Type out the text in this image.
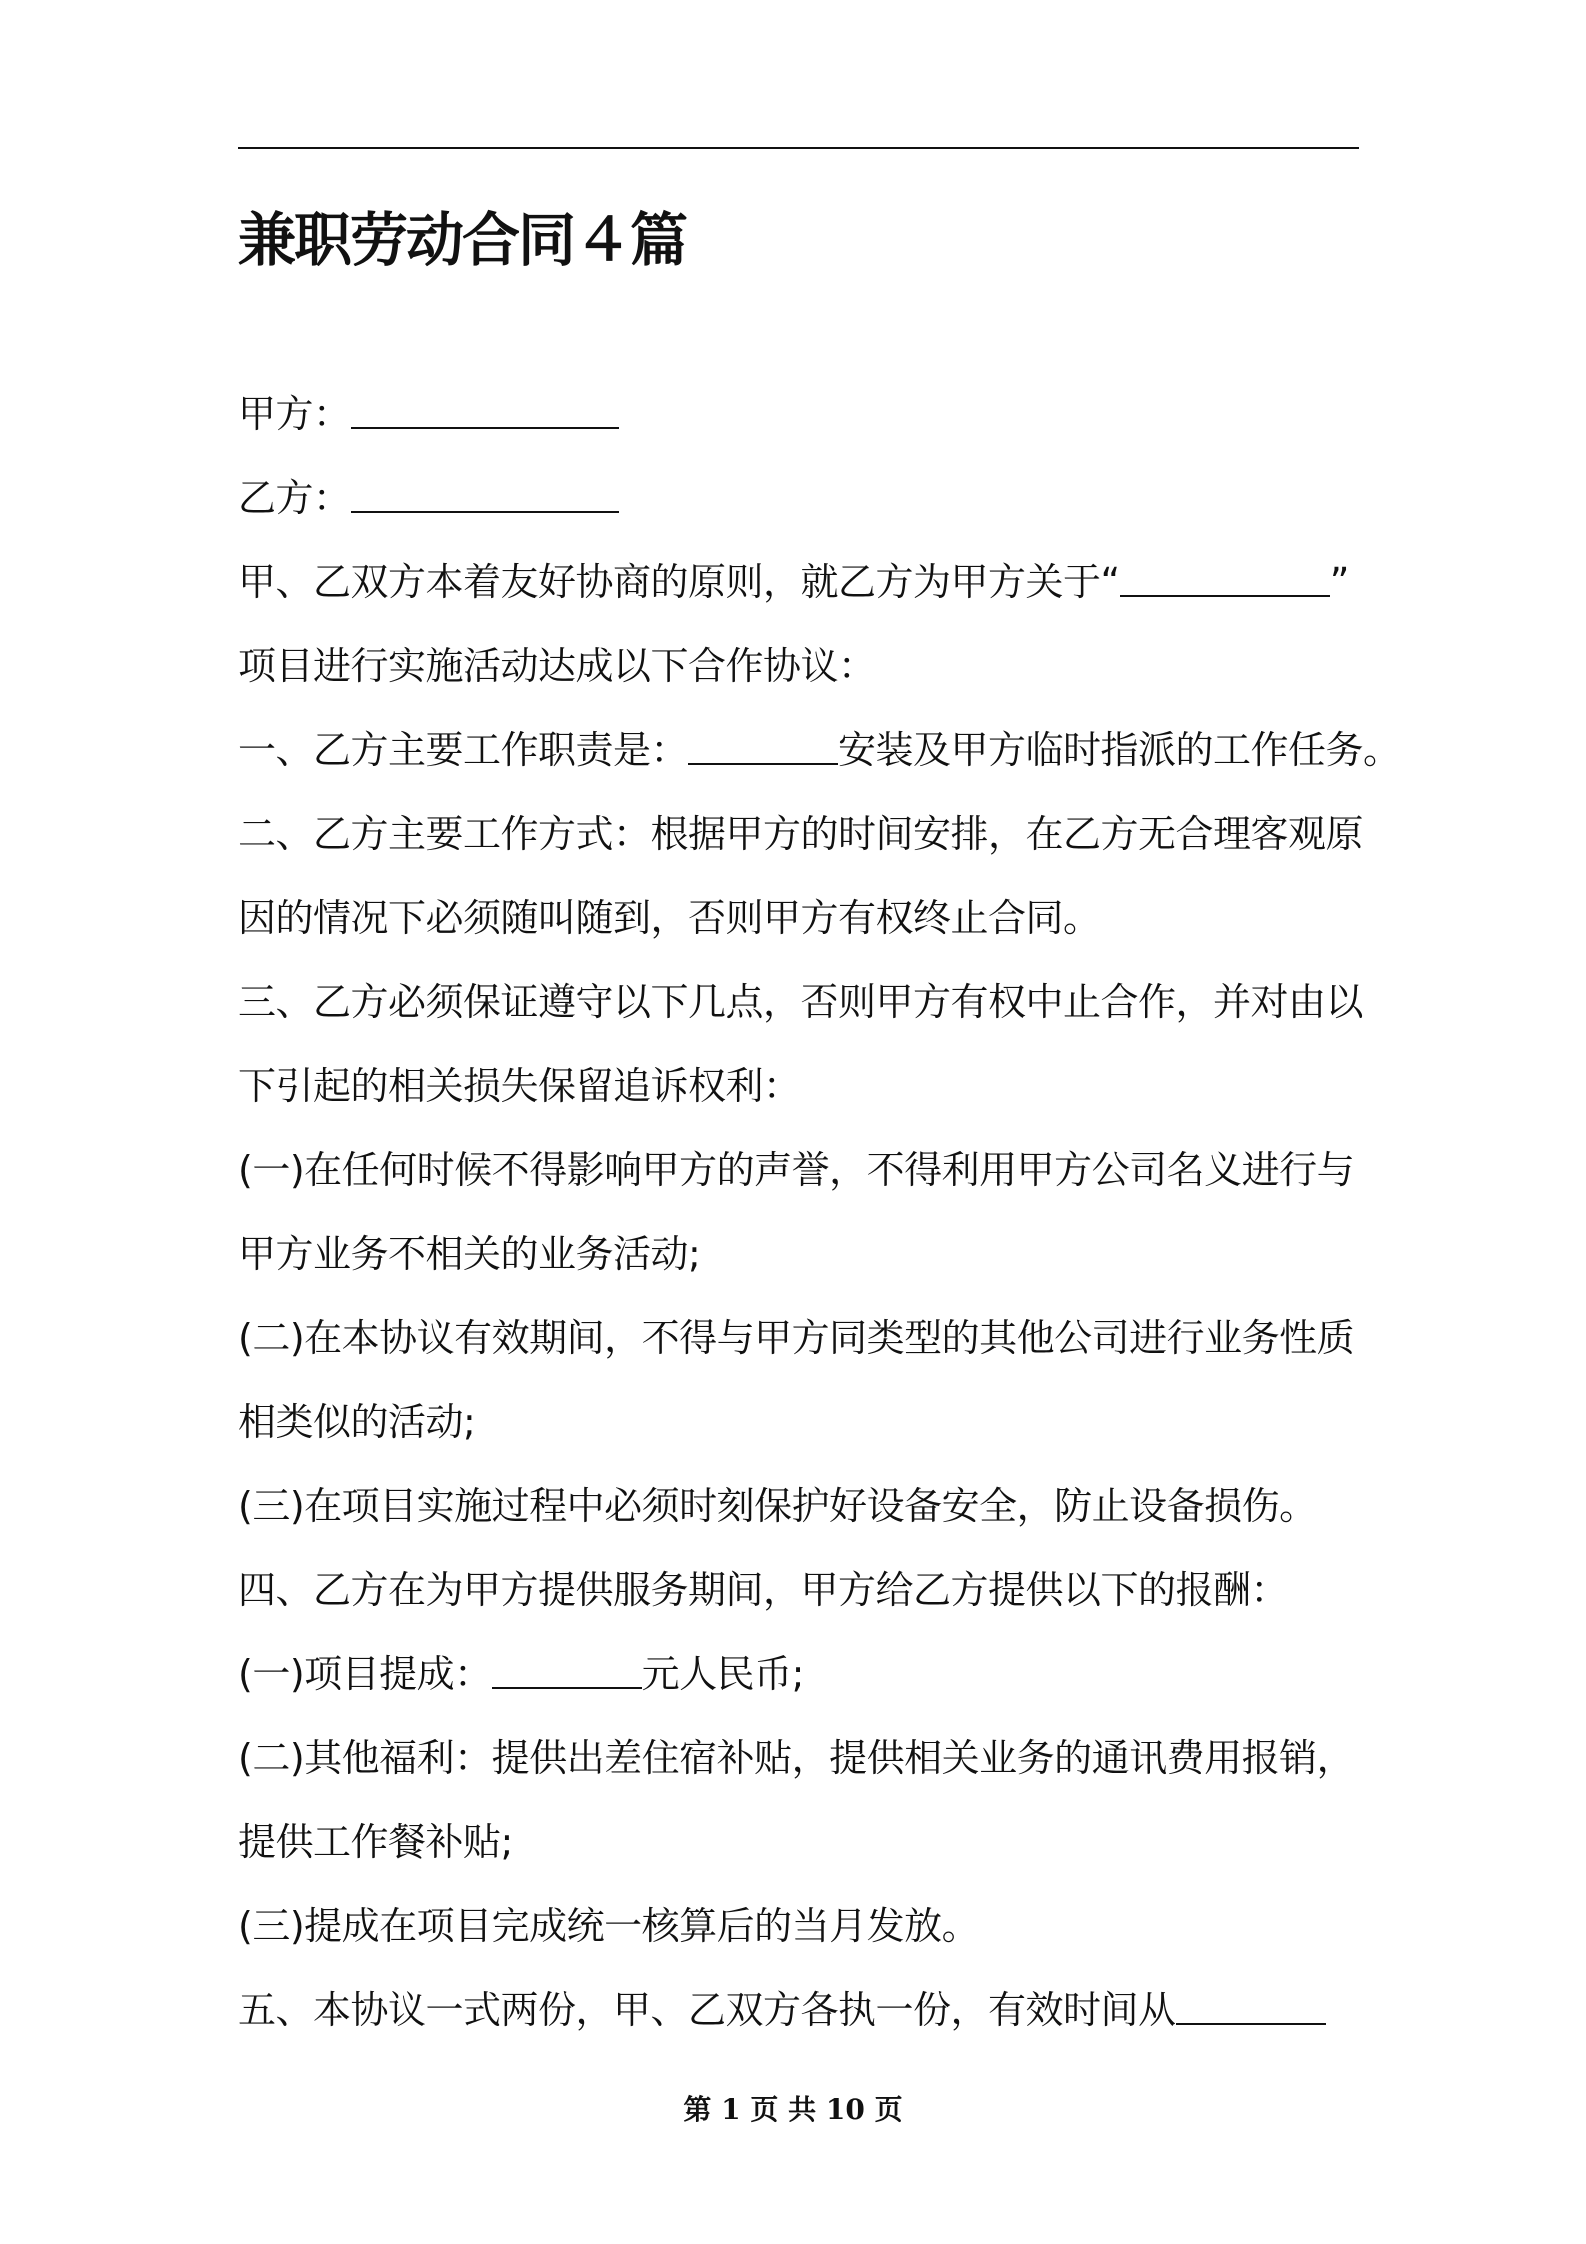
兼职劳动合同４篇
甲方：
乙方：
甲、乙双方本着友好协商的原则，就乙方为甲方关于“	”
项目进行实施活动达成以下合作协议：
一、乙方主要工作职责是：	安装及甲方临时指派的工作任务。
二、乙方主要工作方式：根据甲方的时间安排，在乙方无合理客观原
因的情况下必须随叫随到，否则甲方有权终止合同。
三、乙方必须保证遵守以下几点，否则甲方有权中止合作，并对由以
下引起的相关损失保留追诉权利：
(一)在任何时候不得影响甲方的声誉，不得利用甲方公司名义进行与
甲方业务不相关的业务活动;
(二)在本协议有效期间，不得与甲方同类型的其他公司进行业务性质
相类似的活动;
(三)在项目实施过程中必须时刻保护好设备安全，防止设备损伤。
四、乙方在为甲方提供服务期间，甲方给乙方提供以下的报酬：
(一)项目提成：	元人民币;
(二)其他福利：提供出差住宿补贴，提供相关业务的通讯费用报销，
提供工作餐补贴;
(三)提成在项目完成统一核算后的当月发放。
五、本协议一式两份，甲、乙双方各执一份，有效时间从
第 1 页 共 10 页
